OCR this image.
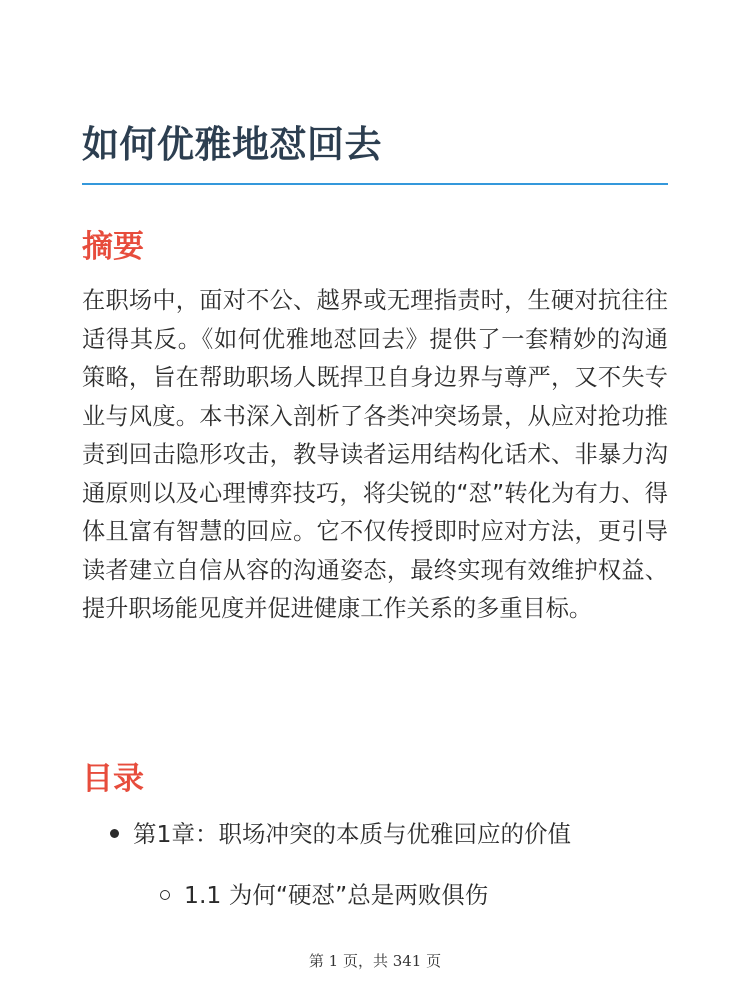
如何优雅地怼回去
摘要

在职场中，面对不公、越界或无理指责时，生硬对抗往往适得其反。《如何优雅地怼回去》提供了一套精妙的沟通策略，旨在帮助职场人既捍卫自身边界与尊严，又不失专业与风度。本书深入剖析了各类冲突场景，从应对抢功推责到回击隐形攻击，教导读者运用结构化话术、非暴力沟通原则以及心理博弈技巧，将尖锐的“怼”转化为有力、得体且富有智慧的回应。它不仅传授即时应对方法，更引导读者建立自信从容的沟通姿态，最终实现有效维护权益、提升职场能见度并促进健康工作关系的多重目标。

目录
第1章：职场冲突的本质与优雅回应的价值
1.1 为何“硬怼”总是两败俱伤
第 1 页，共 341 页
